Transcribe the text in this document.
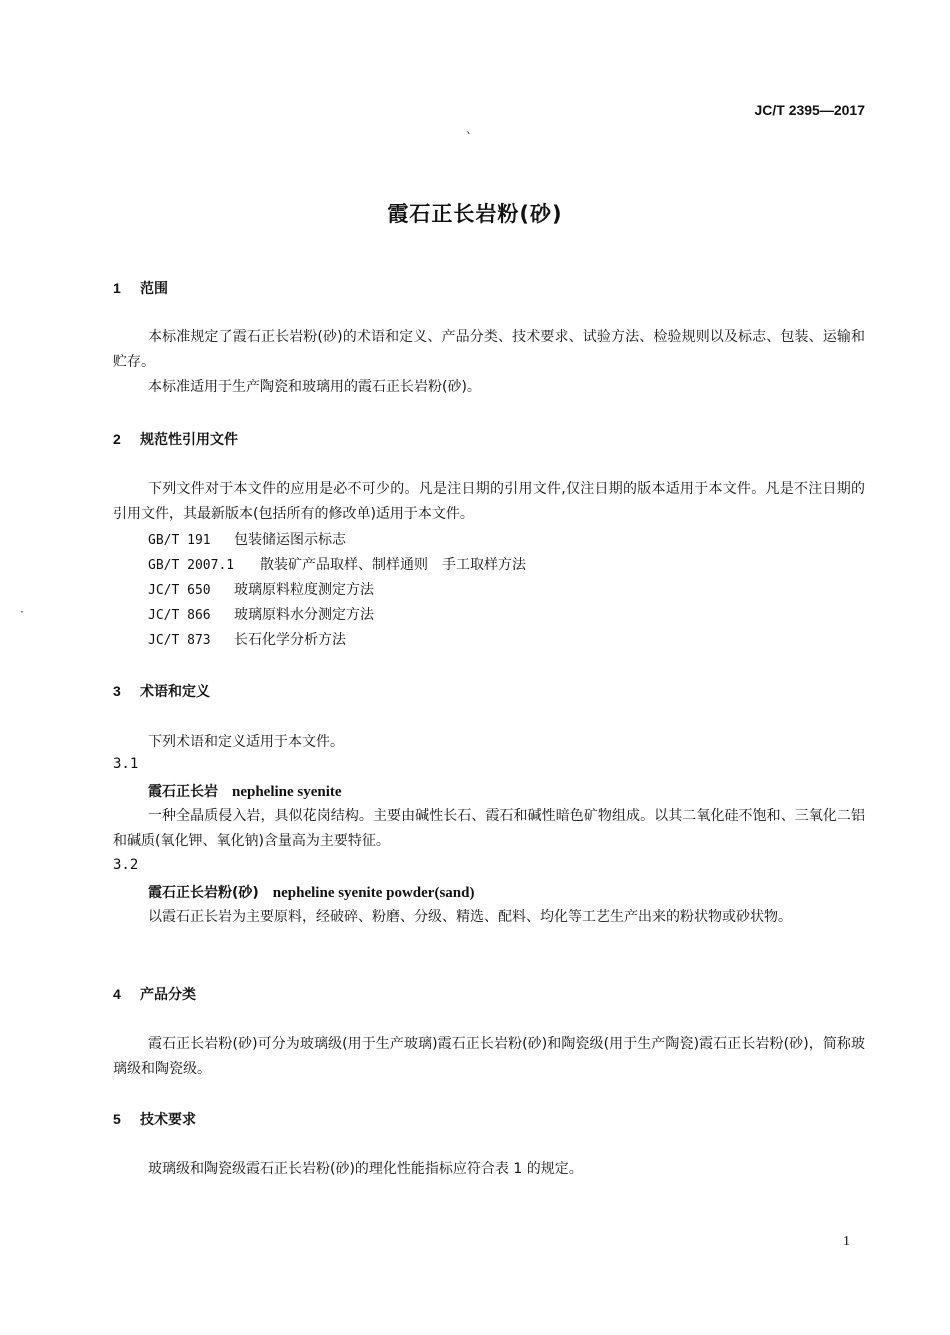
JC/T 2395—2017
、
·
霞石正长岩粉(砂)
1 范围

本标准规定了霞石正长岩粉(砂)的术语和定义、产品分类、技术要求、试验方法、检验规则以及标志、包装、运输和贮存。

本标准适用于生产陶瓷和玻璃用的霞石正长岩粉(砂)。

2 规范性引用文件

下列文件对于本文件的应用是必不可少的。凡是注日期的引用文件,仅注日期的版本适用于本文件。凡是不注日期的引用文件，其最新版本(包括所有的修改单)适用于本文件。

GB/T 191 包装储运图示标志
GB/T 2007.1 散装矿产品取样、制样通则　手工取样方法
JC/T 650 玻璃原料粒度测定方法
JC/T 866 玻璃原料水分测定方法
JC/T 873 长石化学分析方法
3 术语和定义
下列术语和定义适用于本文件。
3.1
霞石正长岩 nepheline syenite

一种全晶质侵入岩，具似花岗结构。主要由碱性长石、霞石和碱性暗色矿物组成。以其二氧化硅不饱和、三氧化二铝和碱质(氧化钾、氧化钠)含量高为主要特征。

3.2
霞石正长岩粉(砂) nepheline syenite powder(sand)

以霞石正长岩为主要原料，经破碎、粉磨、分级、精选、配料、均化等工艺生产出来的粉状物或砂状物。

4 产品分类

霞石正长岩粉(砂)可分为玻璃级(用于生产玻璃)霞石正长岩粉(砂)和陶瓷级(用于生产陶瓷)霞石正长岩粉(砂)，简称玻璃级和陶瓷级。

5 技术要求

玻璃级和陶瓷级霞石正长岩粉(砂)的理化性能指标应符合表 1 的规定。

1
